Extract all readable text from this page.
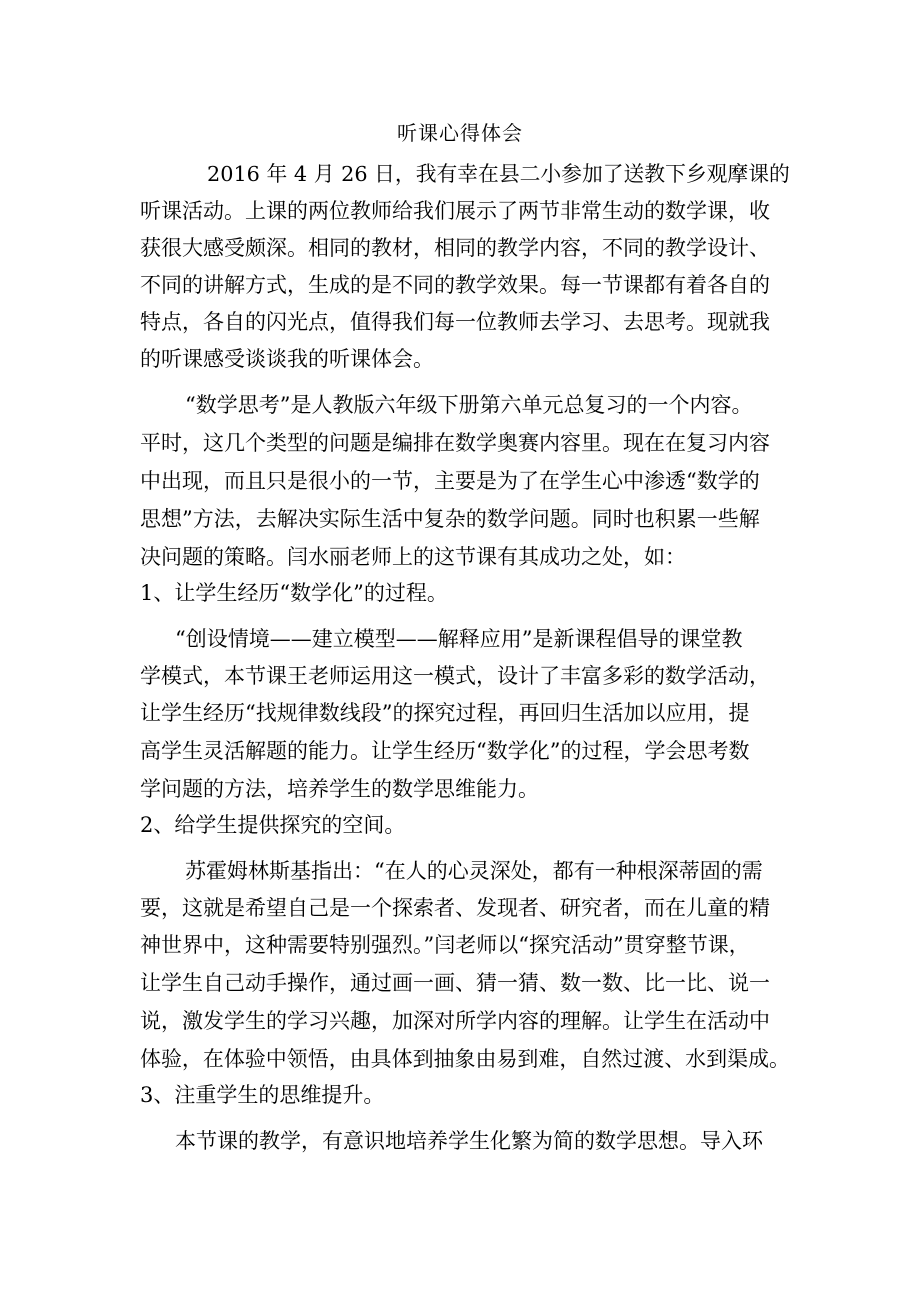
听课心得体会
2016 年 4 月 26 日，我有幸在县二小参加了送教下乡观摩课的
听课活动。上课的两位教师给我们展示了两节非常生动的数学课，收
获很大感受颇深。相同的教材，相同的教学内容，不同的教学设计、
不同的讲解方式，生成的是不同的教学效果。每一节课都有着各自的
特点，各自的闪光点，值得我们每一位教师去学习、去思考。现就我
的听课感受谈谈我的听课体会。
“数学思考”是人教版六年级下册第六单元总复习的一个内容。
平时，这几个类型的问题是编排在数学奥赛内容里。现在在复习内容
中出现，而且只是很小的一节，主要是为了在学生心中渗透“数学的
思想”方法，去解决实际生活中复杂的数学问题。同时也积累一些解
决问题的策略。闫水丽老师上的这节课有其成功之处，如：
1、让学生经历“数学化”的过程。
“创设情境——建立模型——解释应用”是新课程倡导的课堂教
学模式，本节课王老师运用这一模式，设计了丰富多彩的数学活动，
让学生经历“找规律数线段”的探究过程，再回归生活加以应用，提
高学生灵活解题的能力。让学生经历“数学化”的过程，学会思考数
学问题的方法，培养学生的数学思维能力。
2、给学生提供探究的空间。
苏霍姆林斯基指出：“在人的心灵深处，都有一种根深蒂固的需
要，这就是希望自己是一个探索者、发现者、研究者，而在儿童的精
神世界中，这种需要特别强烈。”闫老师以“探究活动”贯穿整节课，
让学生自己动手操作，通过画一画、猜一猜、数一数、比一比、说一
说，激发学生的学习兴趣，加深对所学内容的理解。让学生在活动中
体验，在体验中领悟，由具体到抽象由易到难，自然过渡、水到渠成。
3、注重学生的思维提升。
本节课的教学，有意识地培养学生化繁为简的数学思想。导入环
